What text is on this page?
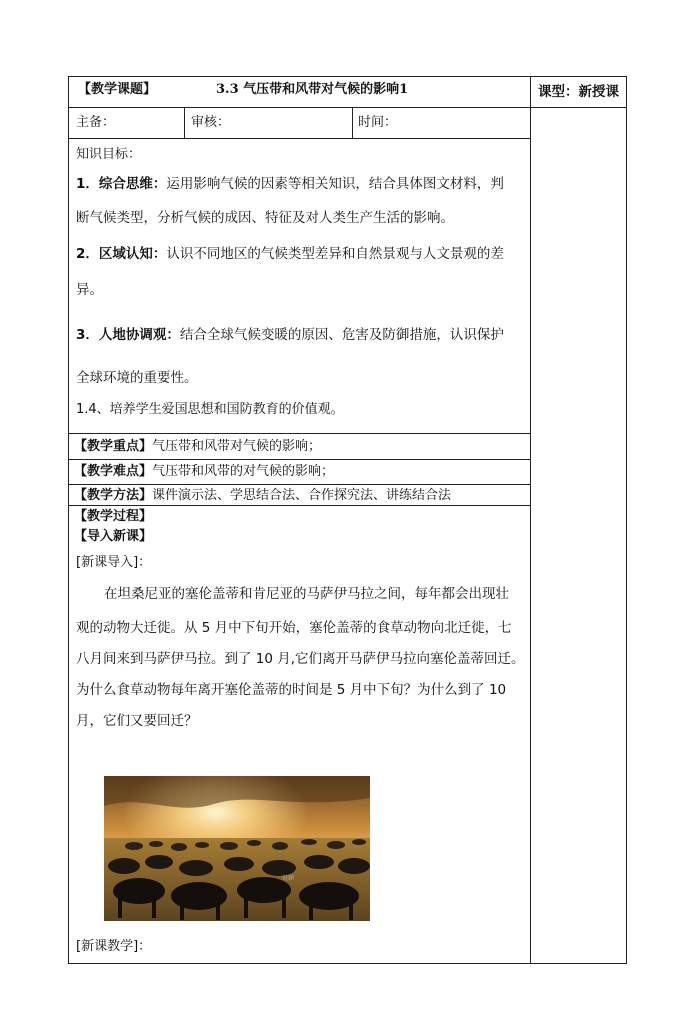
【教学课题】	3.3 气压带和风带对气候的影响1	课型：新授课
主备：	审核：	时间：
知识目标：
1．综合思维：运用影响气候的因素等相关知识，结合具体图文材料，判
断气候类型，分析气候的成因、特征及对人类生产生活的影响。
2．区域认知：认识不同地区的气候类型差异和自然景观与人文景观的差
异。
3．人地协调观：结合全球气候变暖的原因、危害及防御措施，认识保护
全球环境的重要性。
1.4、培养学生爱国思想和国防教育的价值观。
【教学重点】气压带和风带对气候的影响；
【教学难点】气压带和风带的对气候的影响；
【教学方法】课件演示法、学思结合法、合作探究法、讲练结合法
【教学过程】
【导入新课】
[新课导入]：
在坦桑尼亚的塞伦盖蒂和肯尼亚的马萨伊马拉之间，每年都会出现壮
观的动物大迁徙。从 5 月中下旬开始，塞伦盖蒂的食草动物向北迁徙，七
八月间来到马萨伊马拉。到了 10 月,它们离开马萨伊马拉向塞伦盖蒂回迁。
为什么食草动物每年离开塞伦盖蒂的时间是 5 月中下旬？为什么到了 10
月，它们又要回迁？
锐颖
[新课教学]：
